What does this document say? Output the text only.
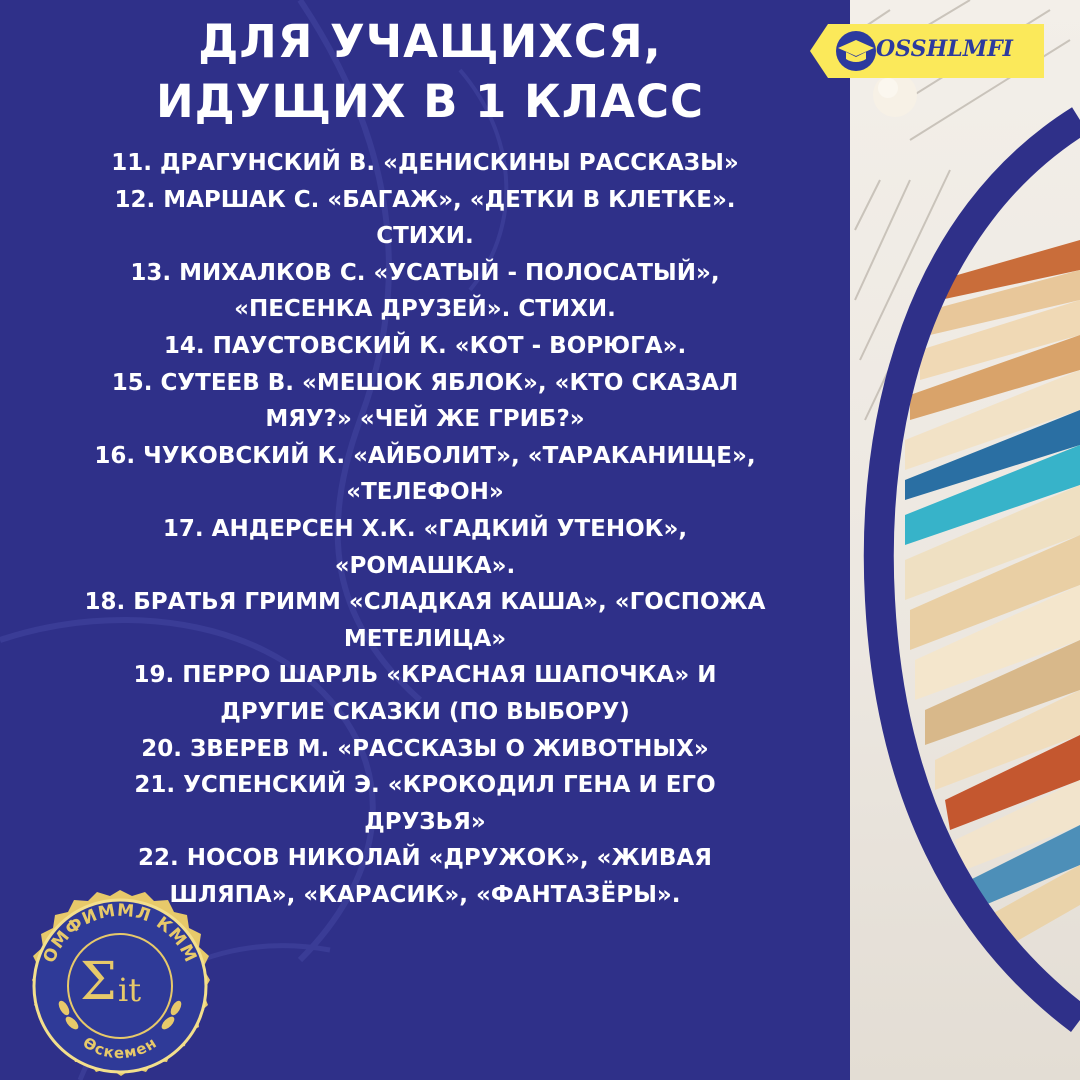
ДЛЯ УЧАЩИХСЯ,
ИДУЩИХ В 1 КЛАСС
11. ДРАГУНСКИЙ В. «ДЕНИСКИНЫ РАССКАЗЫ»
12. МАРШАК С. «БАГАЖ», «ДЕТКИ В КЛЕТКЕ».
СТИХИ.
13. МИХАЛКОВ С. «УСАТЫЙ - ПОЛОСАТЫЙ»,
«ПЕСЕНКА ДРУЗЕЙ». СТИХИ.
14. ПАУСТОВСКИЙ К. «КОТ - ВОРЮГА».
15. СУТЕЕВ В. «МЕШОК ЯБЛОК», «КТО СКАЗАЛ
МЯУ?» «ЧЕЙ ЖЕ ГРИБ?»
16. ЧУКОВСКИЙ К. «АЙБОЛИТ», «ТАРАКАНИЩЕ»,
«ТЕЛЕФОН»
17. АНДЕРСЕН Х.К. «ГАДКИЙ УТЕНОК»,
«РОМАШКА».
18. БРАТЬЯ ГРИММ «СЛАДКАЯ КАША», «ГОСПОЖА
МЕТЕЛИЦА»
19. ПЕРРО ШАРЛЬ «КРАСНАЯ ШАПОЧКА» И
ДРУГИЕ СКАЗКИ (ПО ВЫБОРУ)
20. ЗВЕРЕВ М. «РАССКАЗЫ О ЖИВОТНЫХ»
21. УСПЕНСКИЙ Э. «КРОКОДИЛ ГЕНА И ЕГО
ДРУЗЬЯ»
22. НОСОВ НИКОЛАЙ «ДРУЖОК», «ЖИВАЯ
ШЛЯПА», «КАРАСИК», «ФАНТАЗЁРЫ».
OSSHLMFI
ОМФИММЛ КММ
Өскемен
Σ it
